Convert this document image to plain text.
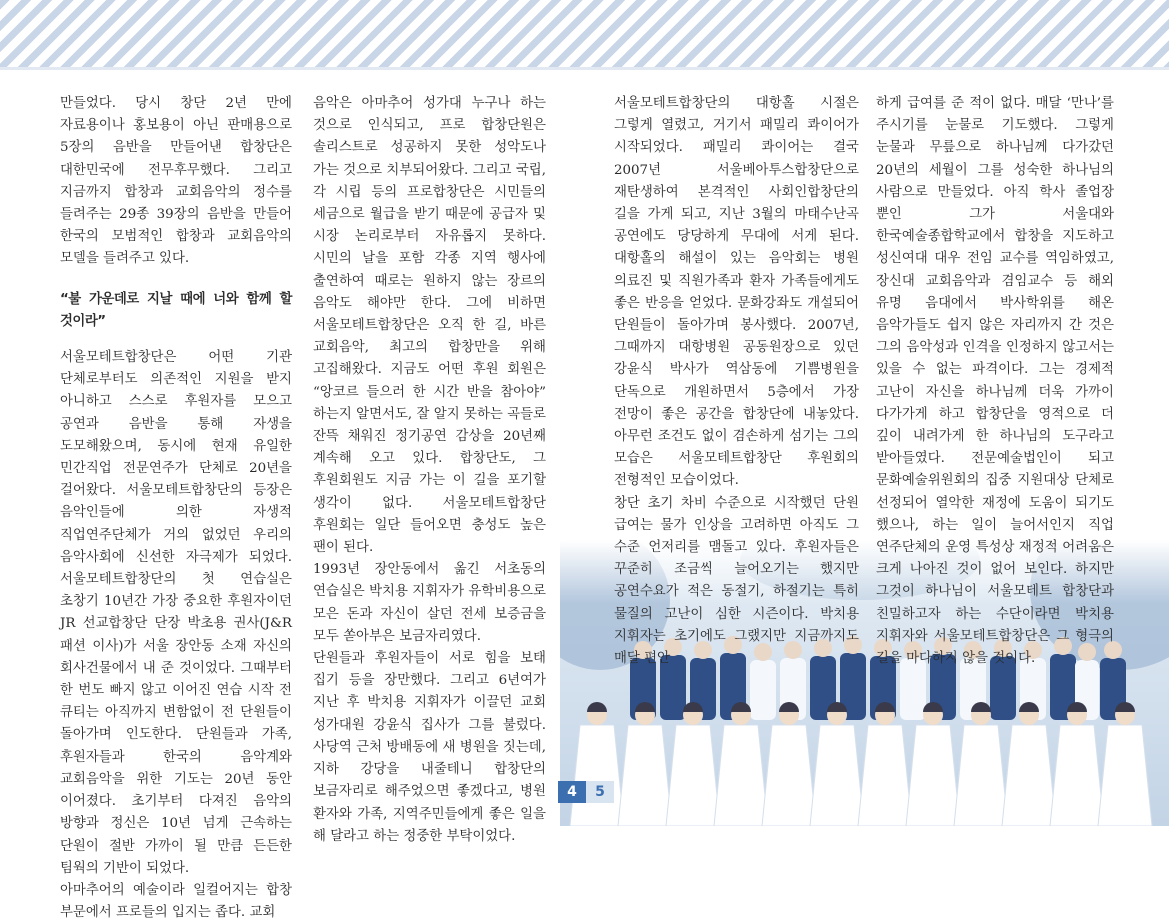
만들었다. 당시 창단 2년 만에 자료용이나 홍보용이 아닌 판매용으로 5장의 음반을 만들어낸 합창단은 대한민국에 전무후무했다. 그리고 지금까지 합창과 교회음악의 정수를 들려주는 29종 39장의 음반을 만들어 한국의 모범적인 합창과 교회음악의 모델을 들려주고 있다.

“불 가운데로 지날 때에 너와 함께 할 것이라”

서울모테트합창단은 어떤 기관 단체로부터도 의존적인 지원을 받지 아니하고 스스로 후원자를 모으고 공연과 음반을 통해 자생을 도모해왔으며, 동시에 현재 유일한 민간직업 전문연주가 단체로 20년을 걸어왔다. 서울모테트합창단의 등장은 음악인들에 의한 자생적 직업연주단체가 거의 없었던 우리의 음악사회에 신선한 자극제가 되었다. 서울모테트합창단의 첫 연습실은 초창기 10년간 가장 중요한 후원자이던 JR 선교합창단 단장 박초용 권사(J&R 패션 이사)가 서울 장안동 소재 자신의 회사건물에서 내 준 것이었다. 그때부터 한 번도 빠지 않고 이어진 연습 시작 전 큐티는 아직까지 변함없이 전 단원들이 돌아가며 인도한다. 단원들과 가족, 후원자들과 한국의 음악계와 교회음악을 위한 기도는 20년 동안 이어졌다. 초기부터 다져진 음악의 방향과 정신은 10년 넘게 근속하는 단원이 절반 가까이 될 만큼 든든한 팀웍의 기반이 되었다.

아마추어의 예술이라 일컬어지는 합창 부문에서 프로들의 입지는 좁다. 교회

음악은 아마추어 성가대 누구나 하는 것으로 인식되고, 프로 합창단원은 솔리스트로 성공하지 못한 성악도나 가는 것으로 치부되어왔다. 그리고 국립, 각 시립 등의 프로합창단은 시민들의 세금으로 월급을 받기 때문에 공급자 및 시장 논리로부터 자유롭지 못하다. 시민의 날을 포함 각종 지역 행사에 출연하여 때로는 원하지 않는 장르의 음악도 해야만 한다. 그에 비하면 서울모테트합창단은 오직 한 길, 바른 교회음악, 최고의 합창만을 위해 고집해왔다. 지금도 어떤 후원 회원은 “앙코르 들으러 한 시간 반을 참아야” 하는지 알면서도, 잘 알지 못하는 곡들로 잔뜩 채워진 정기공연 감상을 20년째 계속해 오고 있다. 합창단도, 그 후원회원도 지금 가는 이 길을 포기할 생각이 없다. 서울모테트합창단 후원회는 일단 들어오면 충성도 높은 팬이 된다.

1993년 장안동에서 옮긴 서초동의 연습실은 박치용 지휘자가 유학비용으로 모은 돈과 자신이 살던 전세 보증금을 모두 쏟아부은 보금자리였다.

단원들과 후원자들이 서로 힘을 보태 집기 등을 장만했다. 그리고 6년여가 지난 후 박치용 지휘자가 이끌던 교회 성가대원 강윤식 집사가 그를 불렀다. 사당역 근처 방배동에 새 병원을 짓는데, 지하 강당을 내줄테니 합창단의 보금자리로 해주었으면 좋겠다고, 병원 환자와 가족, 지역주민들에게 좋은 일을 해 달라고 하는 정중한 부탁이었다.

서울모테트합창단의 대항홀 시절은 그렇게 열렸고, 거기서 패밀리 콰이어가 시작되었다. 패밀리 콰이어는 결국 2007년 서울베아투스합창단으로 재탄생하여 본격적인 사회인합창단의 길을 가게 되고, 지난 3월의 마태수난곡 공연에도 당당하게 무대에 서게 된다. 대항홀의 해설이 있는 음악회는 병원 의료진 및 직원가족과 환자 가족들에게도 좋은 반응을 얻었다. 문화강좌도 개설되어 단원들이 돌아가며 봉사했다. 2007년, 그때까지 대항병원 공동원장으로 있던 강윤식 박사가 역삼동에 기쁨병원을 단독으로 개원하면서 5층에서 가장 전망이 좋은 공간을 합창단에 내놓았다. 아무런 조건도 없이 겸손하게 섬기는 그의 모습은 서울모테트합창단 후원회의 전형적인 모습이었다.

창단 초기 차비 수준으로 시작했던 단원 급여는 물가 인상을 고려하면 아직도 그 수준 언저리를 맴돌고 있다. 후원자들은 꾸준히 조금씩 늘어오기는 했지만 공연수요가 적은 동절기, 하절기는 특히 물질의 고난이 심한 시즌이다. 박치용 지휘자는 초기에도 그랬지만 지금까지도 매달 편안

하게 급여를 준 적이 없다. 매달 ‘만나’를 주시기를 눈물로 기도했다. 그렇게 눈물과 무릎으로 하나님께 다가갔던 20년의 세월이 그를 성숙한 하나님의 사람으로 만들었다. 아직 학사 졸업장 뿐인 그가 서울대와 한국예술종합학교에서 합창을 지도하고 성신여대 대우 전임 교수를 역임하였고, 장신대 교회음악과 겸임교수 등 해외 유명 음대에서 박사학위를 해온 음악가들도 쉽지 않은 자리까지 간 것은 그의 음악성과 인격을 인정하지 않고서는 있을 수 없는 파격이다. 그는 경제적 고난이 자신을 하나님께 더욱 가까이 다가가게 하고 합창단을 영적으로 더 깊이 내려가게 한 하나님의 도구라고 받아들였다. 전문예술법인이 되고 문화예술위원회의 집중 지원대상 단체로 선정되어 열악한 재정에 도움이 되기도 했으나, 하는 일이 늘어서인지 직업 연주단체의 운영 특성상 재정적 어려움은 크게 나아진 것이 없어 보인다. 하지만 그것이 하나님이 서울모테트 합창단과 친밀하고자 하는 수단이라면 박치용 지휘자와 서울모테트합창단은 그 형극의 길을 마다하지 않을 것이다.

4	5
